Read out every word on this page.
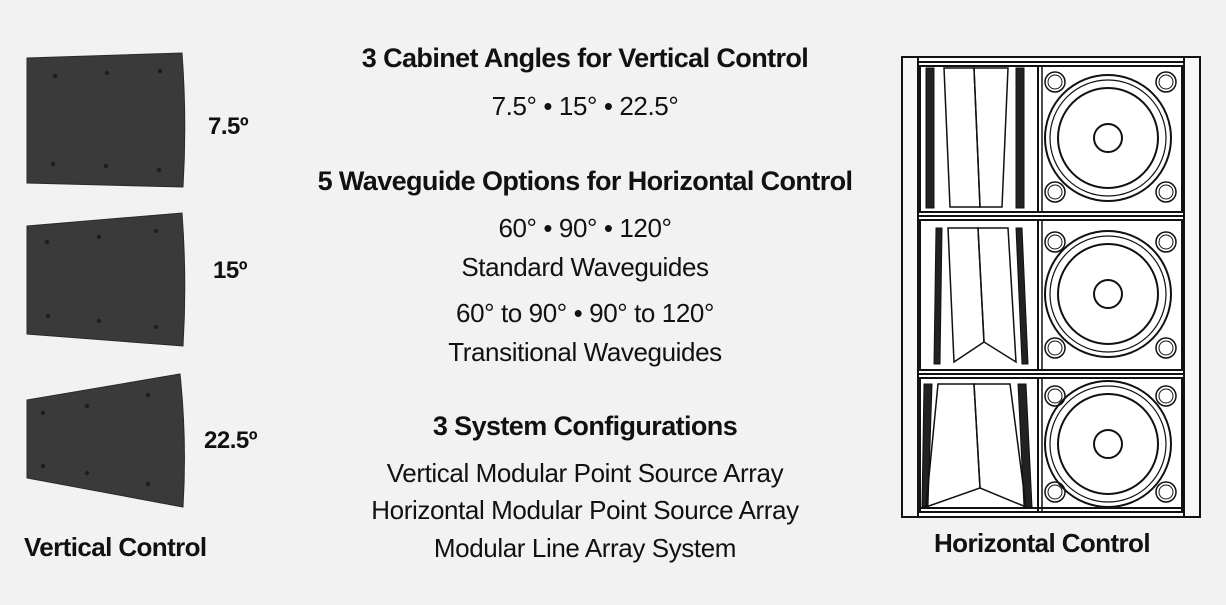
7.5º
15º
22.5º
Vertical Control
3 Cabinet Angles for Vertical Control
7.5° • 15° • 22.5°
5 Waveguide Options for Horizontal Control
60° • 90° • 120°
Standard Waveguides
60° to 90° • 90° to 120°
Transitional Waveguides
3 System Configurations
Vertical Modular Point Source Array
Horizontal Modular Point Source Array
Modular Line Array System	Horizontal Control
